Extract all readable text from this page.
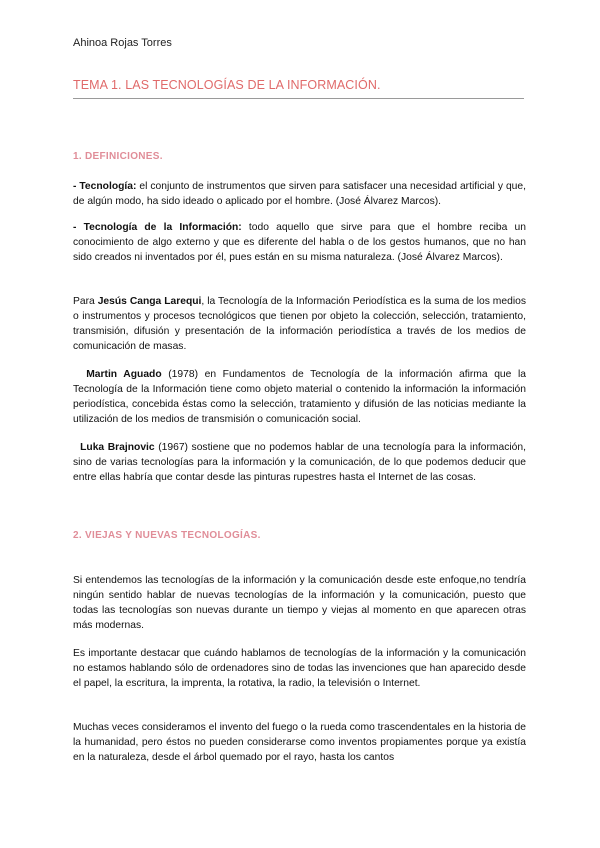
Ahinoa Rojas Torres
TEMA 1. LAS TECNOLOGÍAS DE LA INFORMACIÓN.
1. DEFINICIONES.
- Tecnología: el conjunto de instrumentos que sirven para satisfacer una necesidad artificial y que, de algún modo, ha sido ideado o aplicado por el hombre. (José Álvarez Marcos).
- Tecnología de la Información: todo aquello que sirve para que el hombre reciba un conocimiento de algo externo y que es diferente del habla o de los gestos humanos, que no han sido creados ni inventados por él, pues están en su misma naturaleza. (José Álvarez Marcos).
Para Jesús Canga Larequi, la Tecnología de la Información Periodística es la suma de los medios o instrumentos y procesos tecnológicos que tienen por objeto la colección, selección, tratamiento, transmisión, difusión y presentación de la información periodística a través de los medios de comunicación de masas.
Martin Aguado (1978) en Fundamentos de Tecnología de la información afirma que la Tecnología de la Información tiene como objeto material o contenido la información la información periodística, concebida éstas como la selección, tratamiento y difusión de las noticias mediante la utilización de los medios de transmisión o comunicación social.
Luka Brajnovic (1967) sostiene que no podemos hablar de una tecnología para la información, sino de varias tecnologías para la información y la comunicación, de lo que podemos deducir que entre ellas habría que contar desde las pinturas rupestres hasta el Internet de las cosas.
2. VIEJAS Y NUEVAS TECNOLOGÍAS.
Si entendemos las tecnologías de la información y la comunicación desde este enfoque,no tendría ningún sentido hablar de nuevas tecnologías de la información y la comunicación, puesto que todas las tecnologías son nuevas durante un tiempo y viejas al momento en que aparecen otras más modernas.
Es importante destacar que cuándo hablamos de tecnologías de la información y la comunicación no estamos hablando sólo de ordenadores sino de todas las invenciones que han aparecido desde el papel, la escritura, la imprenta, la rotativa, la radio, la televisión o Internet.
Muchas veces consideramos el invento del fuego o la rueda como trascendentales en la historia de la humanidad, pero éstos no pueden considerarse como inventos propiamentes porque ya existía en la naturaleza, desde el árbol quemado por el rayo, hasta los cantos
